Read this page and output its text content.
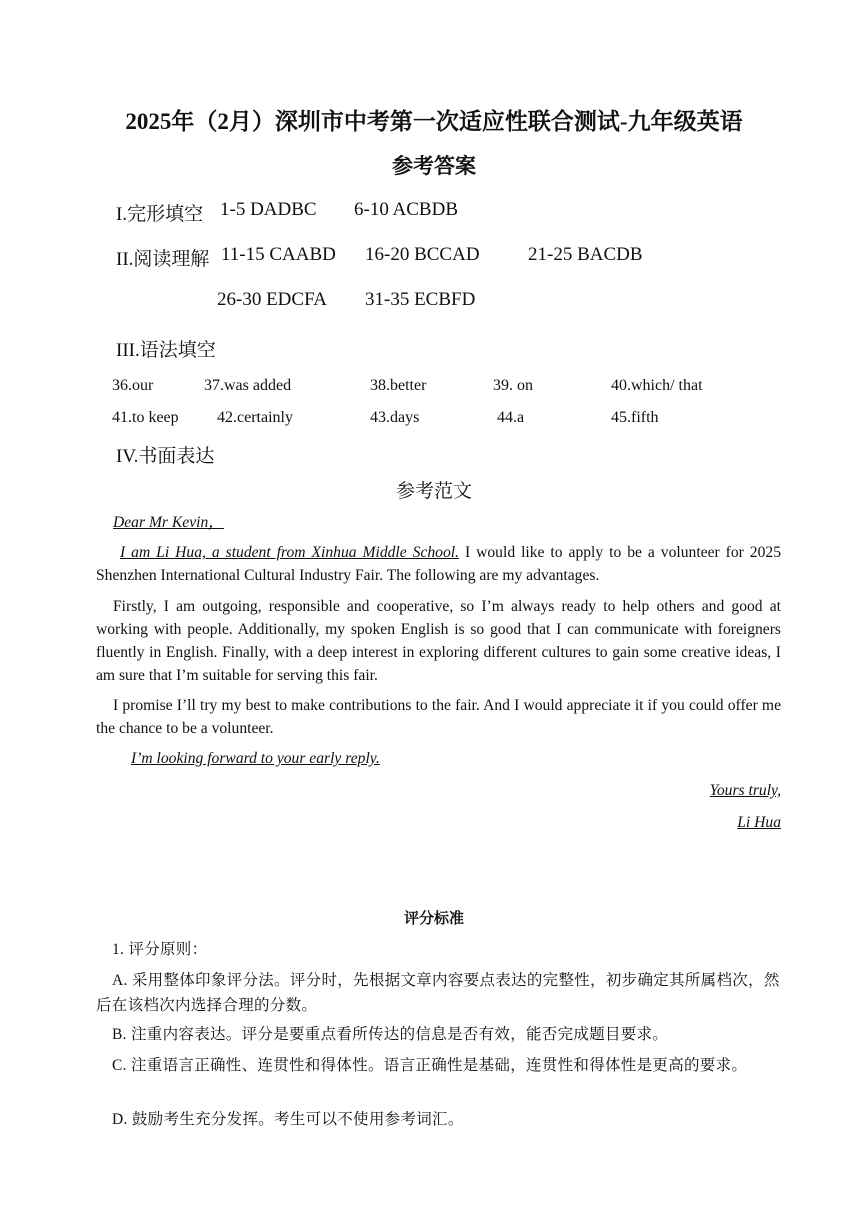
2025年（2月）深圳市中考第一次适应性联合测试-九年级英语
参考答案
I.完形填空 1-5 DADBC 6-10 ACBDB
II.阅读理解 11-15 CAABD 16-20 BCCAD	21-25 BACDB
26-30 EDCFA 31-35 ECBFD
III.语法填空
36.our	37.was added	38.better	39. on	40.which/ that
41.to keep 42.certainly	43.days	44.a	45.fifth
IV.书面表达
参考范文
Dear Mr Kevin，
I am Li Hua, a student from Xinhua Middle School. I would like to apply to be a volunteer for 2025 Shenzhen International Cultural Industry Fair. The following are my advantages.
Firstly, I am outgoing, responsible and cooperative, so I’m always ready to help others and good at working with people. Additionally, my spoken English is so good that I can communicate with foreigners fluently in English. Finally, with a deep interest in exploring different cultures to gain some creative ideas, I am sure that I’m suitable for serving this fair.
I promise I’ll try my best to make contributions to the fair. And I would appreciate it if you could offer me the chance to be a volunteer.
I’m looking forward to your early reply.
Yours truly,
Li Hua
评分标准
1. 评分原则：
A. 采用整体印象评分法。评分时，先根据文章内容要点表达的完整性，初步确定其所属档次，然后在该档次内选择合理的分数。
B. 注重内容表达。评分是要重点看所传达的信息是否有效，能否完成题目要求。
C. 注重语言正确性、连贯性和得体性。语言正确性是基础，连贯性和得体性是更高的要求。
D. 鼓励考生充分发挥。考生可以不使用参考词汇。
